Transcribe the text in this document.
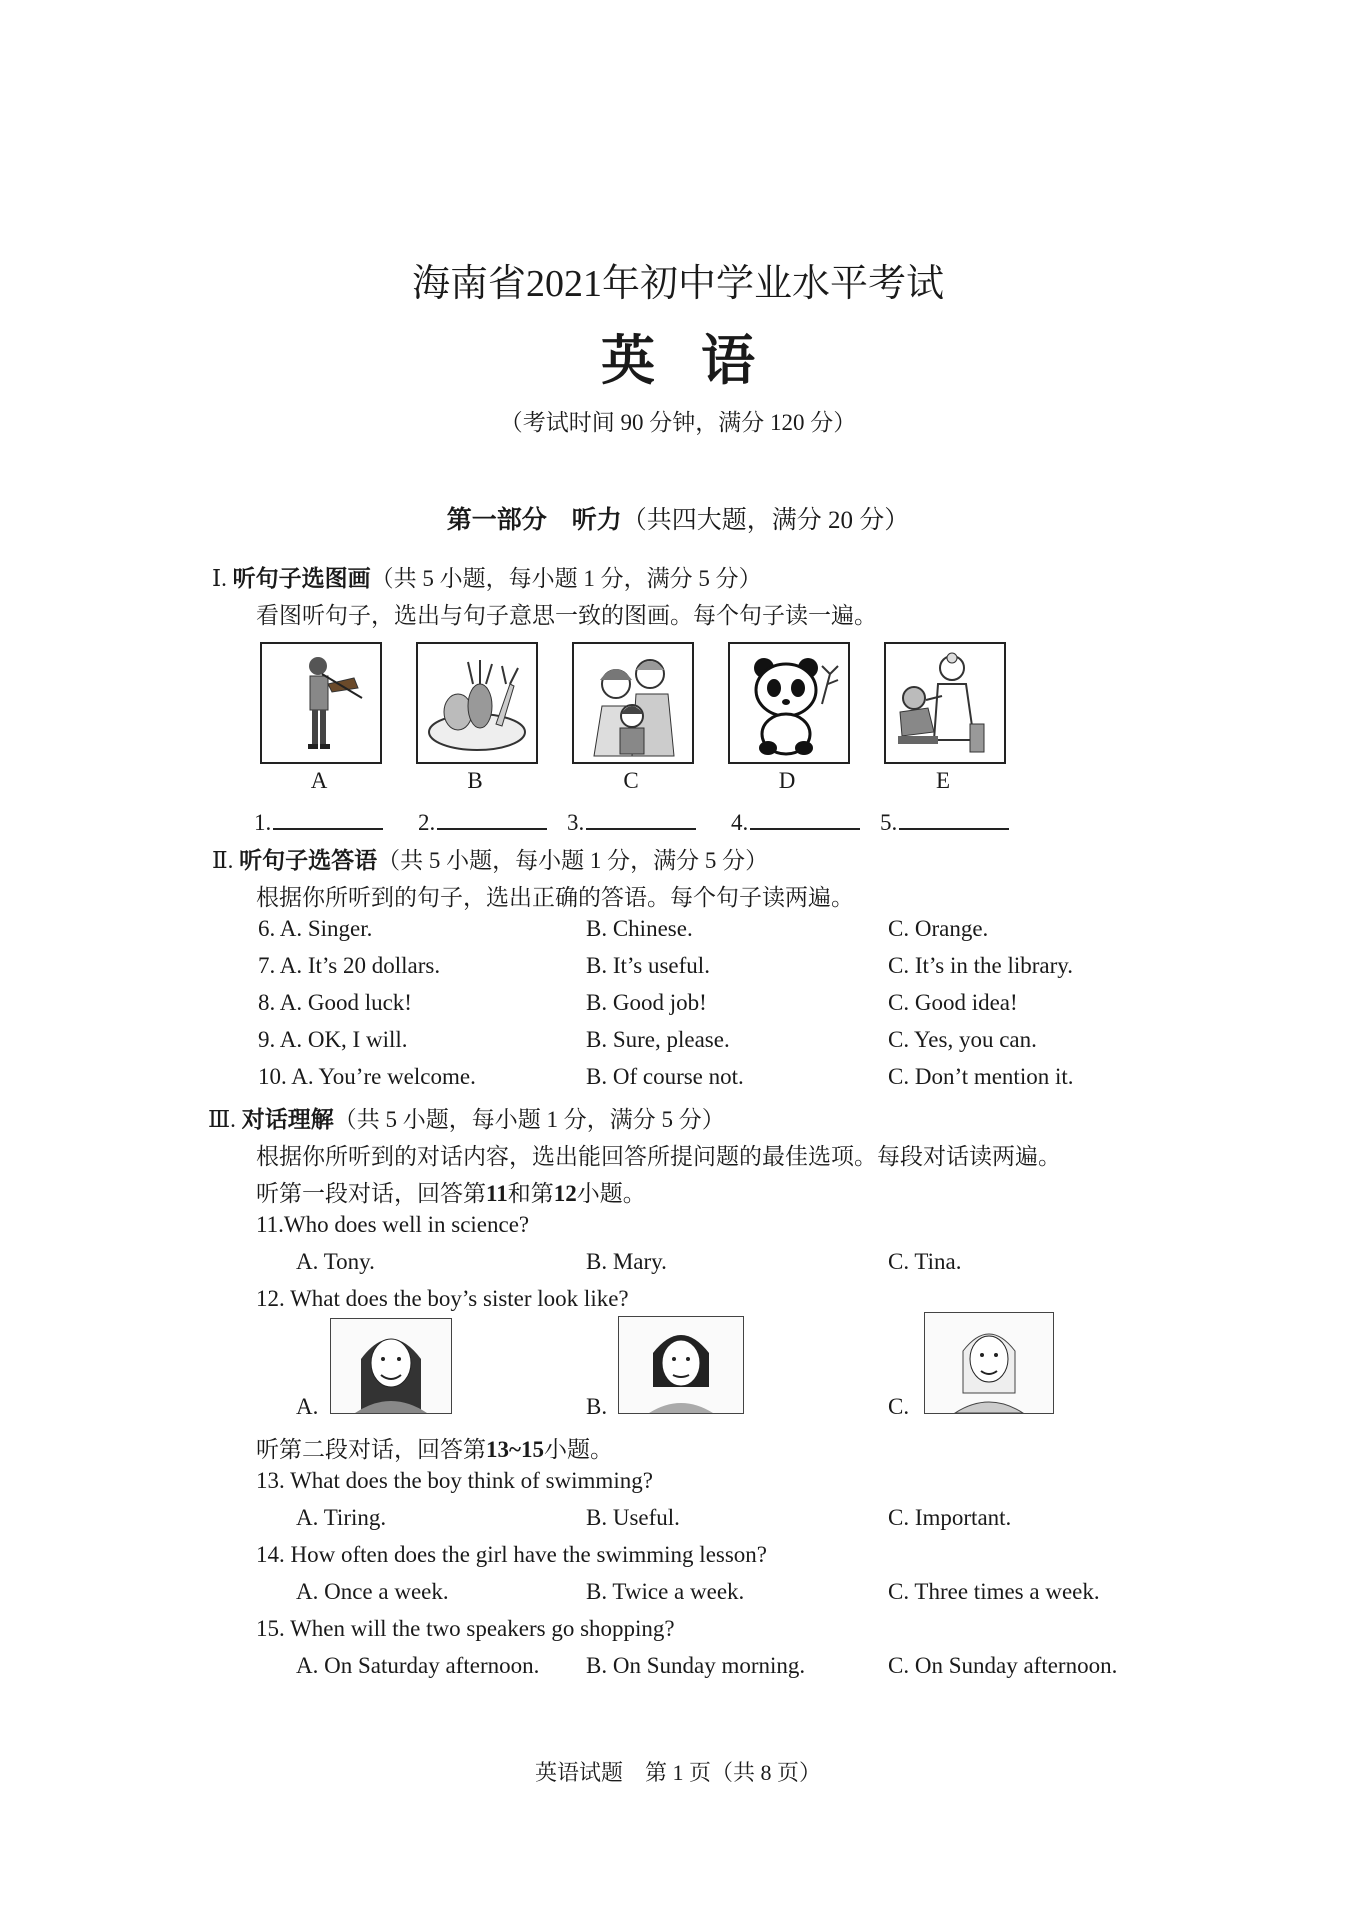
海南省2021年初中学业水平考试
英语
（考试时间 90 分钟，满分 120 分）
第一部分　听力（共四大题，满分 20 分）
Ⅰ. 听句子选图画（共 5 小题，每小题 1 分，满分 5 分）
看图听句子，选出与句子意思一致的图画。每个句子读一遍。
A	B	C	D	E
1.	2.	3.	4.	5.
Ⅱ. 听句子选答语（共 5 小题，每小题 1 分，满分 5 分）
根据你所听到的句子，选出正确的答语。每个句子读两遍。
6. A. Singer.	B. Chinese.	C. Orange.
7. A. It’s 20 dollars.	B. It’s useful.	C. It’s in the library.
8. A. Good luck!	B. Good job!	C. Good idea!
9. A. OK, I will.	B. Sure, please.	C. Yes, you can.
10. A. You’re welcome.	B. Of course not.	C. Don’t mention it.
Ⅲ. 对话理解（共 5 小题，每小题 1 分，满分 5 分）
根据你所听到的对话内容，选出能回答所提问题的最佳选项。每段对话读两遍。
听第一段对话，回答第11和第12小题。
11.Who does well in science?
A. Tony.	B. Mary.	C. Tina.
12. What does the boy’s sister look like?
A.	B.	C.
听第二段对话，回答第13~15小题。
13. What does the boy think of swimming?
A. Tiring.	B. Useful.	C. Important.
14. How often does the girl have the swimming lesson?
A. Once a week.	B. Twice a week.	C. Three times a week.
15. When will the two speakers go shopping?
A. On Saturday afternoon. B. On Sunday morning.	C. On Sunday afternoon.
英语试题　第 1 页（共 8 页）
